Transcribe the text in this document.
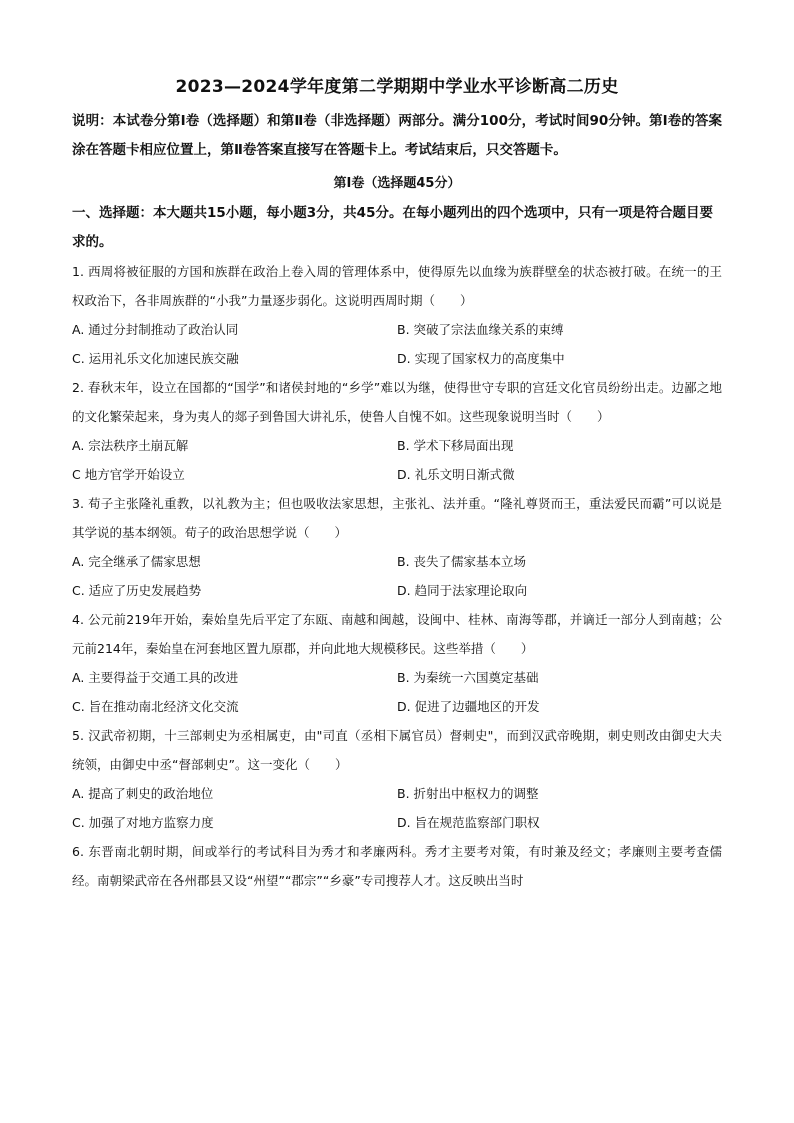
2023—2024学年度第二学期期中学业水平诊断高二历史
说明：本试卷分第Ⅰ卷（选择题）和第Ⅱ卷（非选择题）两部分。满分100分，考试时间90分钟。第Ⅰ卷的答案涂在答题卡相应位置上，第Ⅱ卷答案直接写在答题卡上。考试结束后，只交答题卡。
第Ⅰ卷（选择题45分）
一、选择题：本大题共15小题，每小题3分，共45分。在每小题列出的四个选项中，只有一项是符合题目要求的。
1. 西周将被征服的方国和族群在政治上卷入周的管理体系中，使得原先以血缘为族群壁垒的状态被打破。在统一的王权政治下，各非周族群的“小我”力量逐步弱化。这说明西周时期（　　）
A. 通过分封制推动了政治认同	B. 突破了宗法血缘关系的束缚
C. 运用礼乐文化加速民族交融	D. 实现了国家权力的高度集中
2. 春秋末年，设立在国都的“国学”和诸侯封地的“乡学”难以为继，使得世守专职的宫廷文化官员纷纷出走。边鄙之地的文化繁荣起来，身为夷人的郯子到鲁国大讲礼乐，使鲁人自愧不如。这些现象说明当时（　　）
A. 宗法秩序土崩瓦解	B. 学术下移局面出现
C 地方官学开始设立	D. 礼乐文明日渐式微
3. 荀子主张隆礼重教，以礼教为主；但也吸收法家思想，主张礼、法并重。“隆礼尊贤而王，重法爱民而霸”可以说是其学说的基本纲领。荀子的政治思想学说（　　）
A. 完全继承了儒家思想	B. 丧失了儒家基本立场
C. 适应了历史发展趋势	D. 趋同于法家理论取向
4. 公元前219年开始，秦始皇先后平定了东瓯、南越和闽越，设闽中、桂林、南海等郡，并谪迁一部分人到南越；公元前214年，秦始皇在河套地区置九原郡，并向此地大规模移民。这些举措（　　）
A. 主要得益于交通工具的改进	B. 为秦统一六国奠定基础
C. 旨在推动南北经济文化交流	D. 促进了边疆地区的开发
5. 汉武帝初期，十三部刺史为丞相属吏，由"司直（丞相下属官员）督刺史"，而到汉武帝晚期，刺史则改由御史大夫统领，由御史中丞“督部刺史”。这一变化（　　）
A. 提高了刺史的政治地位	B. 折射出中枢权力的调整
C. 加强了对地方监察力度	D. 旨在规范监察部门职权
6. 东晋南北朝时期，间或举行的考试科目为秀才和孝廉两科。秀才主要考对策，有时兼及经文；孝廉则主要考查儒经。南朝梁武帝在各州郡县又设“州望”“郡宗”“乡豪”专司搜荐人才。这反映出当时
